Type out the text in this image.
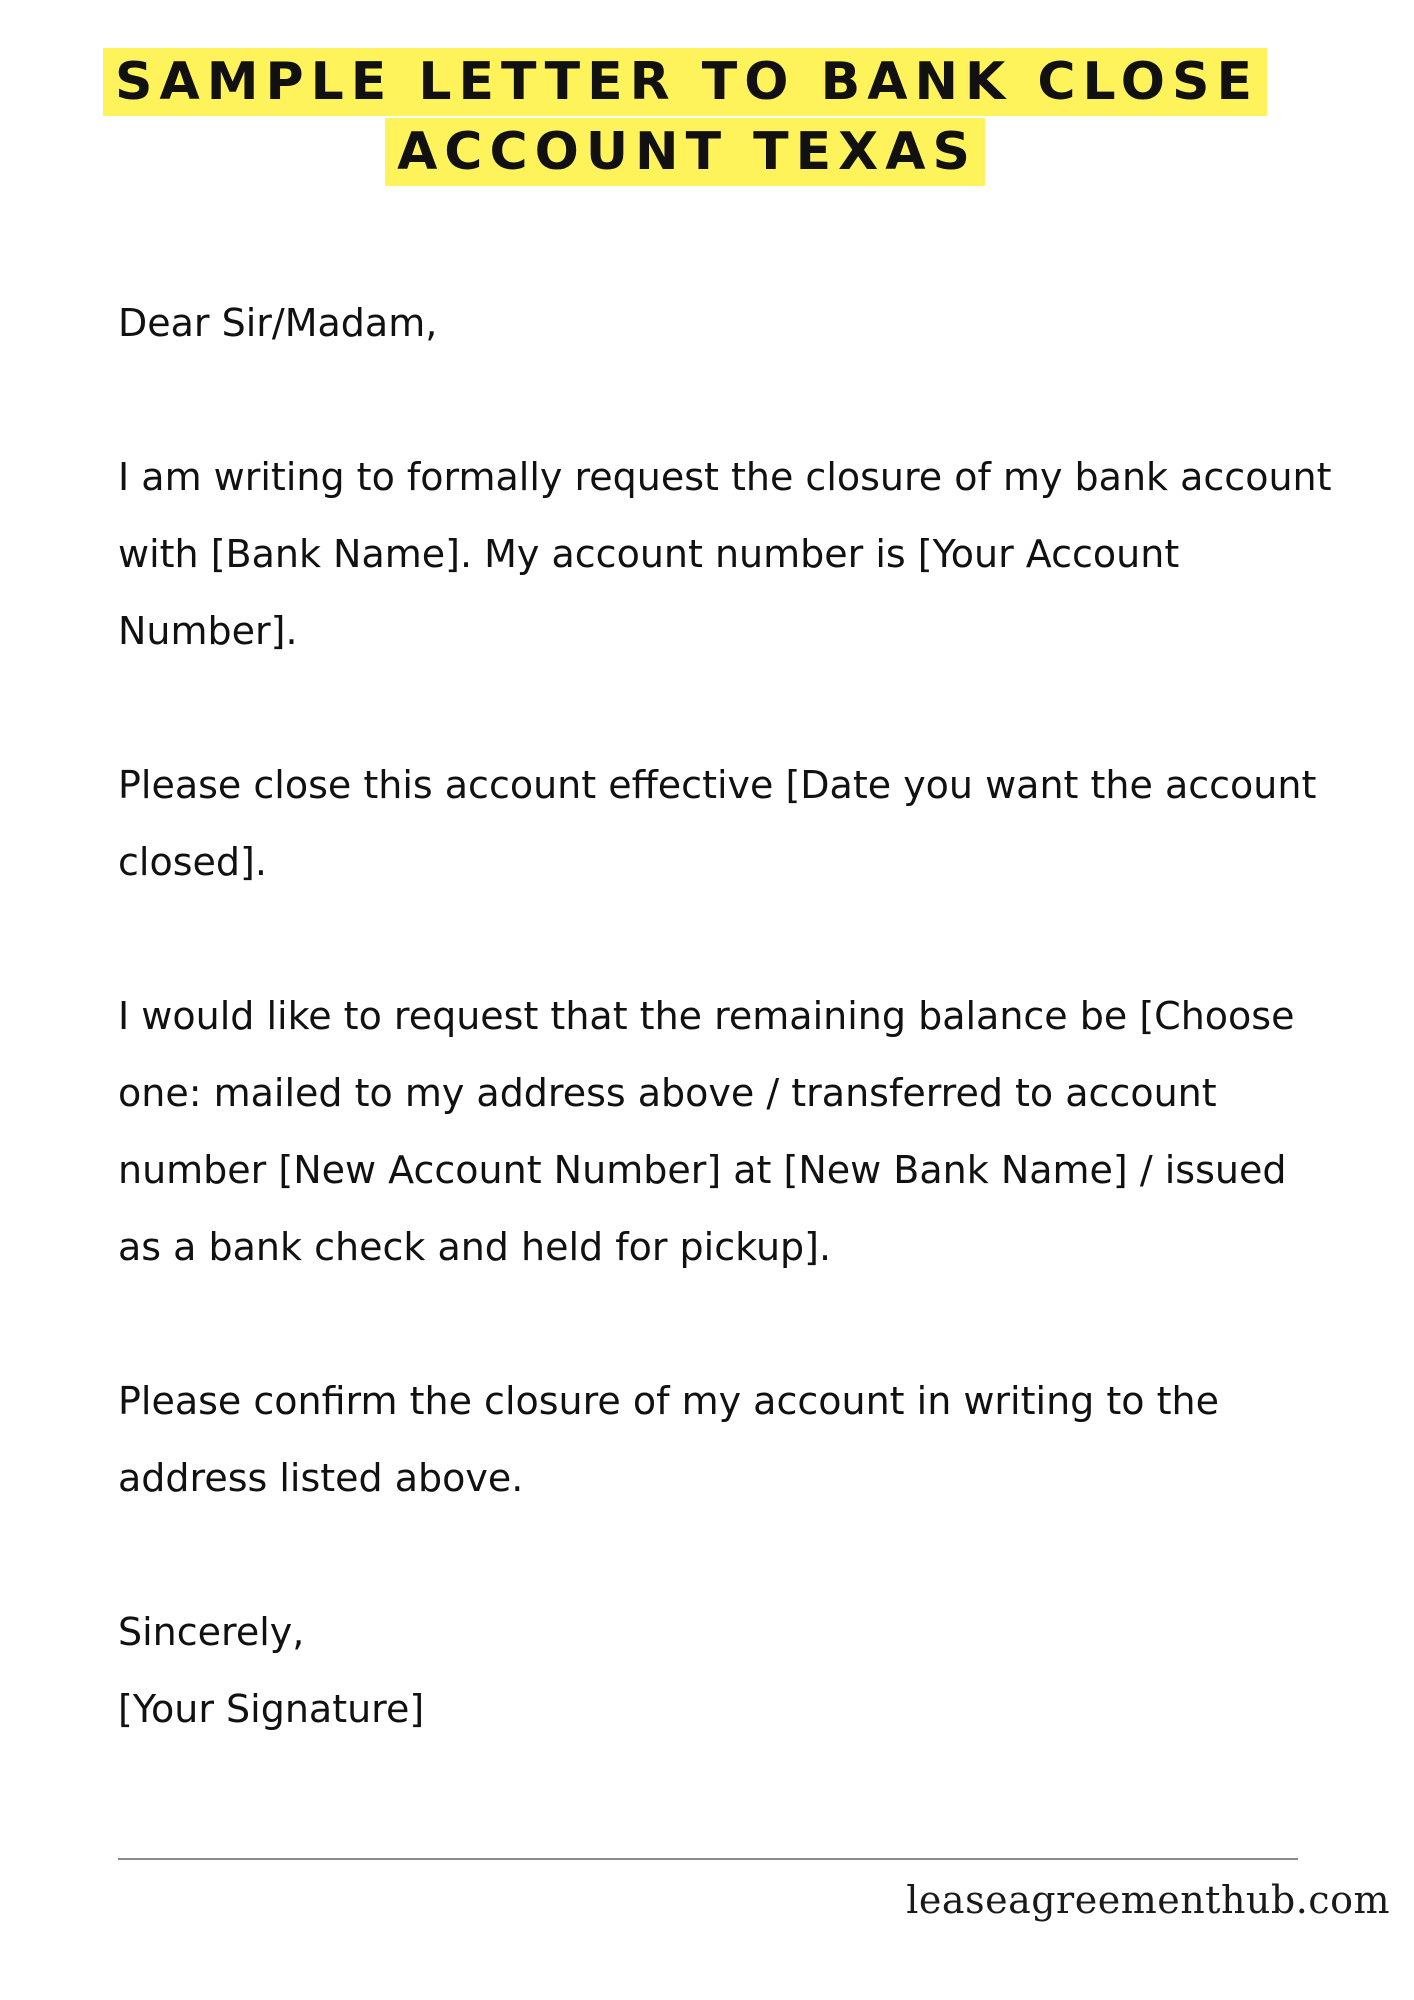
SAMPLE LETTER TO BANK CLOSE
ACCOUNT TEXAS

Dear Sir/Madam,

I am writing to formally request the closure of my bank account with [Bank Name]. My account number is [Your Account Number].

Please close this account effective [Date you want the account closed].

I would like to request that the remaining balance be [Choose one: mailed to my address above / transferred to account number [New Account Number] at [New Bank Name] / issued as a bank check and held for pickup].

Please confirm the closure of my account in writing to the address listed above.

Sincerely,
[Your Signature]

leaseagreementhub.com
